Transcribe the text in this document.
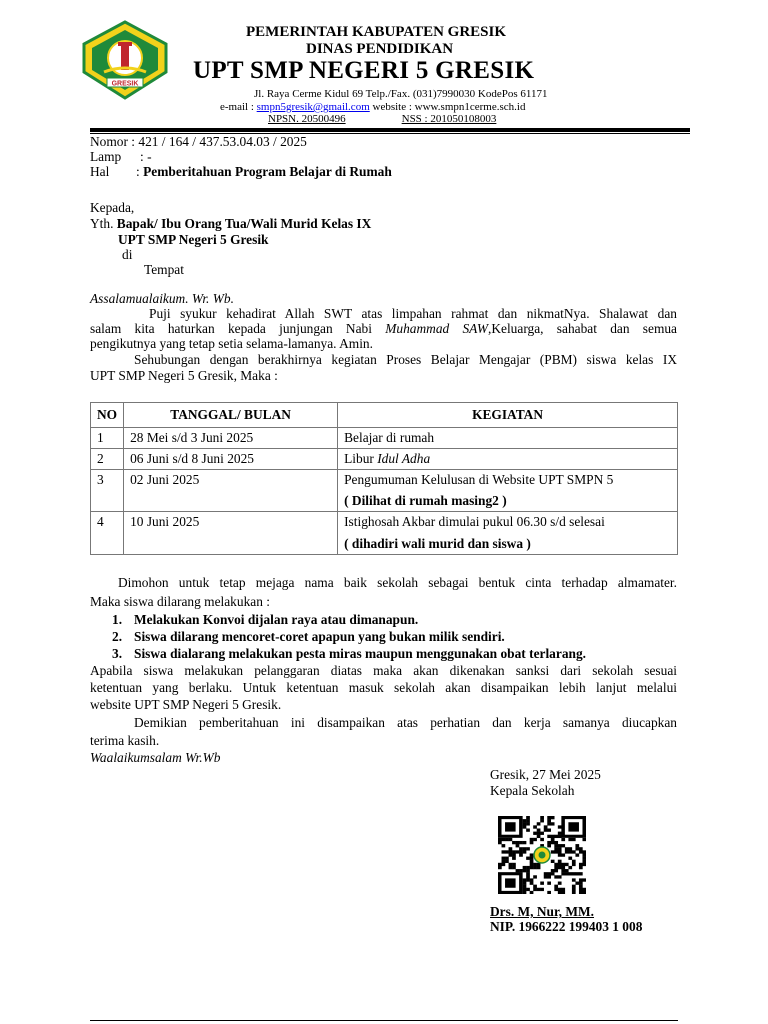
GRESIK
PEMERINTAH KABUPATEN GRESIK
DINAS PENDIDIKAN
UPT SMP NEGERI 5 GRESIK
Jl. Raya Cerme Kidul 69 Telp./Fax. (031)7990030 KodePos 61171
e-mail : smpn5gresik@gmail.com website : www.smpn1cerme.sch.id
NPSN. 20500496	NSS : 201050108003
Nomor : 421 / 164 / 437.53.04.03 / 2025
Lamp : -
Hal : Pemberitahuan Program Belajar di Rumah
Kepada,
Yth. Bapak/ Ibu Orang Tua/Wali Murid Kelas IX
UPT SMP Negeri 5 Gresik
di
Tempat
Assalamualaikum. Wr. Wb.
Puji syukur kehadirat Allah SWT atas limpahan rahmat dan nikmatNya. Shalawat dan
salam kita haturkan kepada junjungan Nabi Muhammad SAW,Keluarga, sahabat dan semua
pengikutnya yang tetap setia selama-lamanya. Amin.
Sehubungan dengan berakhirnya kegiatan Proses Belajar Mengajar (PBM) siswa kelas IX
UPT SMP Negeri 5 Gresik, Maka :
NO	TANGGAL/ BULAN	KEGIATAN
1	28 Mei s/d 3 Juni 2025	Belajar di rumah
2	06 Juni s/d 8 Juni 2025	Libur Idul Adha
3	02 Juni 2025	Pengumuman Kelulusan di Website UPT SMPN 5
( Dilihat di rumah masing2 )

4	10 Juni 2025	Istighosah Akbar dimulai pukul 06.30 s/d selesai
( dihadiri wali murid dan siswa )
Dimohon untuk tetap mejaga nama baik sekolah sebagai bentuk cinta terhadap almamater.
Maka siswa dilarang melakukan :
1. Melakukan Konvoi dijalan raya atau dimanapun.
2. Siswa dilarang mencoret-coret apapun yang bukan milik sendiri.
3. Siswa dialarang melakukan pesta miras maupun menggunakan obat terlarang.
Apabila siswa melakukan pelanggaran diatas maka akan dikenakan sanksi dari sekolah sesuai
ketentuan yang berlaku. Untuk ketentuan masuk sekolah akan disampaikan lebih lanjut melalui
website UPT SMP Negeri 5 Gresik.
Demikian pemberitahuan ini disampaikan atas perhatian dan kerja samanya diucapkan
terima kasih.
Waalaikumsalam Wr.Wb
Gresik, 27 Mei 2025
Kepala Sekolah
Drs. M, Nur, MM.
NIP. 1966222 199403 1 008
